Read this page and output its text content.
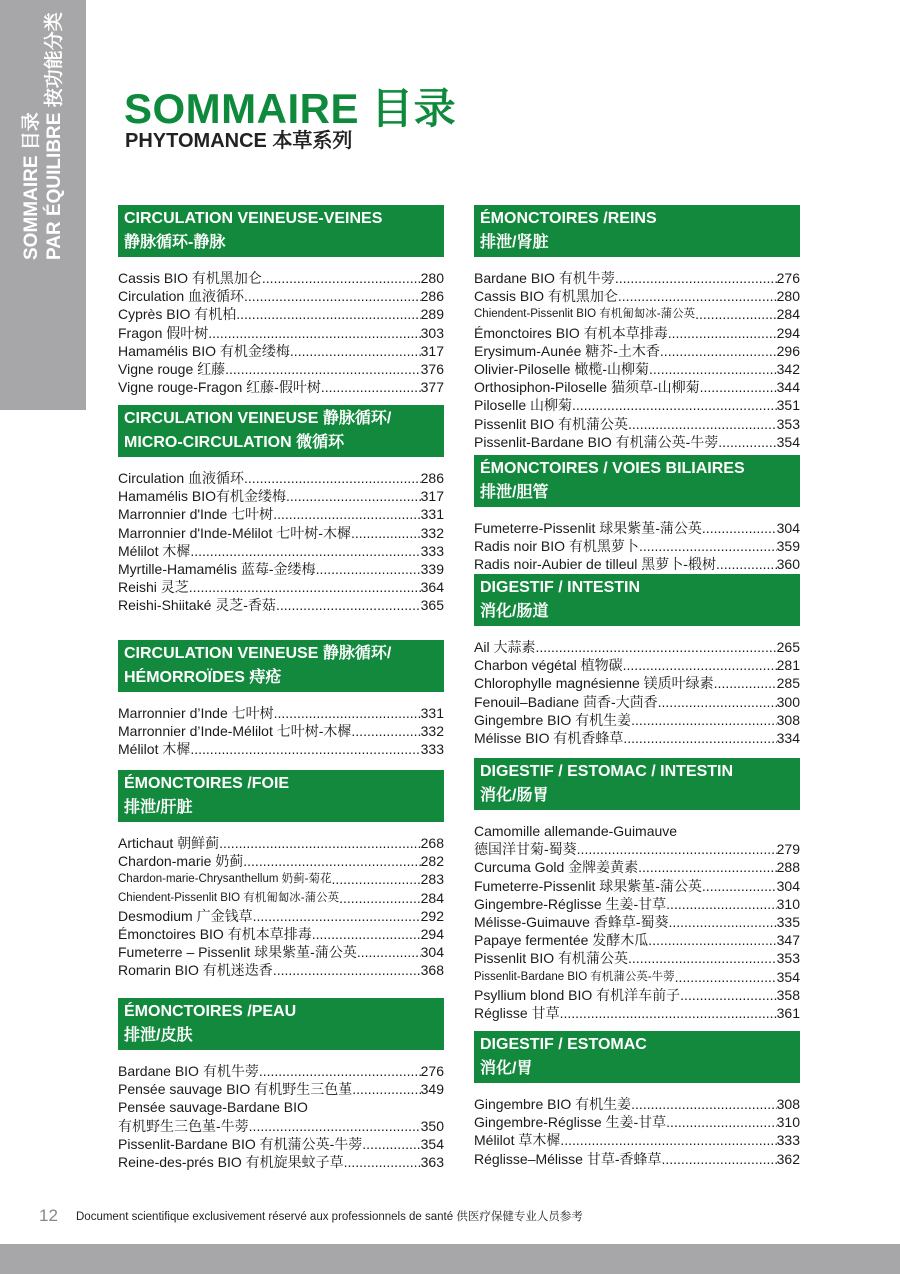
SOMMAIRE 目录 PAR ÉQUILIBRE 按功能分类 SOMMAIRE 目录
PHYTOMANCE 本草系列
CIRCULATION VEINEUSE-VEINES
静脉循环-静脉
Cassis BIO 有机黑加仑 .....	280
Circulation 血液循环 .....	286
Cyprès BIO 有机柏 .....	289
Fragon 假叶树 .....	303
Hamamélis BIO 有机金缕梅 .....	317
Vigne rouge 红藤 .....	376
Vigne rouge-Fragon 红藤-假叶树 .....	377
CIRCULATION VEINEUSE 静脉循环/
MICRO-CIRCULATION 微循环
Circulation 血液循环 .....	286
Hamamélis BIO有机金缕梅 .....	317
Marronnier d'Inde 七叶树 .....	331
Marronnier d'Inde-Mélilot 七叶树-木樨 .....	332
Mélilot 木樨 .....	333
Myrtille-Hamamélis 蓝莓-金缕梅 .....	339
Reishi 灵芝 .....	364
Reishi-Shiitaké 灵芝-香菇 .....	365
CIRCULATION VEINEUSE 静脉循环/
HÉMORROÏDES 痔疮
Marronnier d’Inde 七叶树 .....	331
Marronnier d’Inde-Mélilot 七叶树-木樨 .....	332
Mélilot 木樨 .....	333
ÉMONCTOIRES /FOIE
排泄/肝脏
Artichaut 朝鲜蓟 .....	268
Chardon-marie 奶蓟 .....	282
Chardon-marie-Chrysanthellum 奶蓟-菊花 .....	283
Chiendent-Pissenlit BIO 有机匍匐冰-蒲公英 .....	284
Desmodium 广金钱草 .....	292
Émonctoires BIO 有机本草排毒 .....	294
Fumeterre – Pissenlit 球果紫堇-蒲公英 .....	304
Romarin BIO 有机迷迭香 .....	368
ÉMONCTOIRES /PEAU
排泄/皮肤
Bardane BIO 有机牛蒡 .....	276
Pensée sauvage BIO 有机野生三色堇 .....	349
Pensée sauvage-Bardane BIO
有机野生三色堇-牛蒡 .....	350
Pissenlit-Bardane BIO 有机蒲公英-牛蒡 .....	354
Reine-des-prés BIO 有机旋果蚊子草 .....	363
ÉMONCTOIRES /REINS
排泄/肾脏
Bardane BIO 有机牛蒡 .....	276
Cassis BIO 有机黑加仑 .....	280
Chiendent-Pissenlit BIO 有机匍匐冰-蒲公英 .....	284
Émonctoires BIO 有机本草排毒 .....	294
Erysimum-Aunée 糖芥-土木香 .....	296
Olivier-Piloselle 橄榄-山柳菊 .....	342
Orthosiphon-Piloselle 猫须草-山柳菊 .....	344
Piloselle 山柳菊 .....	351
Pissenlit BIO 有机蒲公英 .....	353
Pissenlit-Bardane BIO 有机蒲公英-牛蒡 .....	354
ÉMONCTOIRES / VOIES BILIAIRES
排泄/胆管
Fumeterre-Pissenlit 球果紫堇-蒲公英 .....	304
Radis noir BIO 有机黑萝卜 .....	359
Radis noir-Aubier de tilleul 黑萝卜-椴树 .....	360
DIGESTIF / INTESTIN
消化/肠道
Ail 大蒜素 .....	265
Charbon végétal 植物碳 .....	281
Chlorophylle magnésienne 镁质叶绿素 .....	285
Fenouil–Badiane 茴香-大茴香 .....	300
Gingembre BIO 有机生姜 .....	308
Mélisse BIO 有机香蜂草 .....	334
DIGESTIF / ESTOMAC / INTESTIN
消化/肠胃
Camomille allemande-Guimauve
德国洋甘菊-蜀葵 .....	279
Curcuma Gold 金牌姜黄素 .....	288
Fumeterre-Pissenlit 球果紫堇-蒲公英 .....	304
Gingembre-Réglisse 生姜-甘草 .....	310
Mélisse-Guimauve 香蜂草-蜀葵 .....	335
Papaye fermentée 发酵木瓜 .....	347
Pissenlit BIO 有机蒲公英 .....	353
Pissenlit-Bardane BIO 有机蒲公英-牛蒡 .....	354
Psyllium blond BIO 有机洋车前子 .....	358
Réglisse 甘草 .....	361
DIGESTIF / ESTOMAC
消化/胃
Gingembre BIO 有机生姜 .....	308
Gingembre-Réglisse 生姜-甘草 .....	310
Mélilot 草木樨 .....	333
Réglisse–Mélisse 甘草-香蜂草 .....	362
12 Document scientifique exclusivement réservé aux professionnels de santé 供医疗保健专业人员参考
